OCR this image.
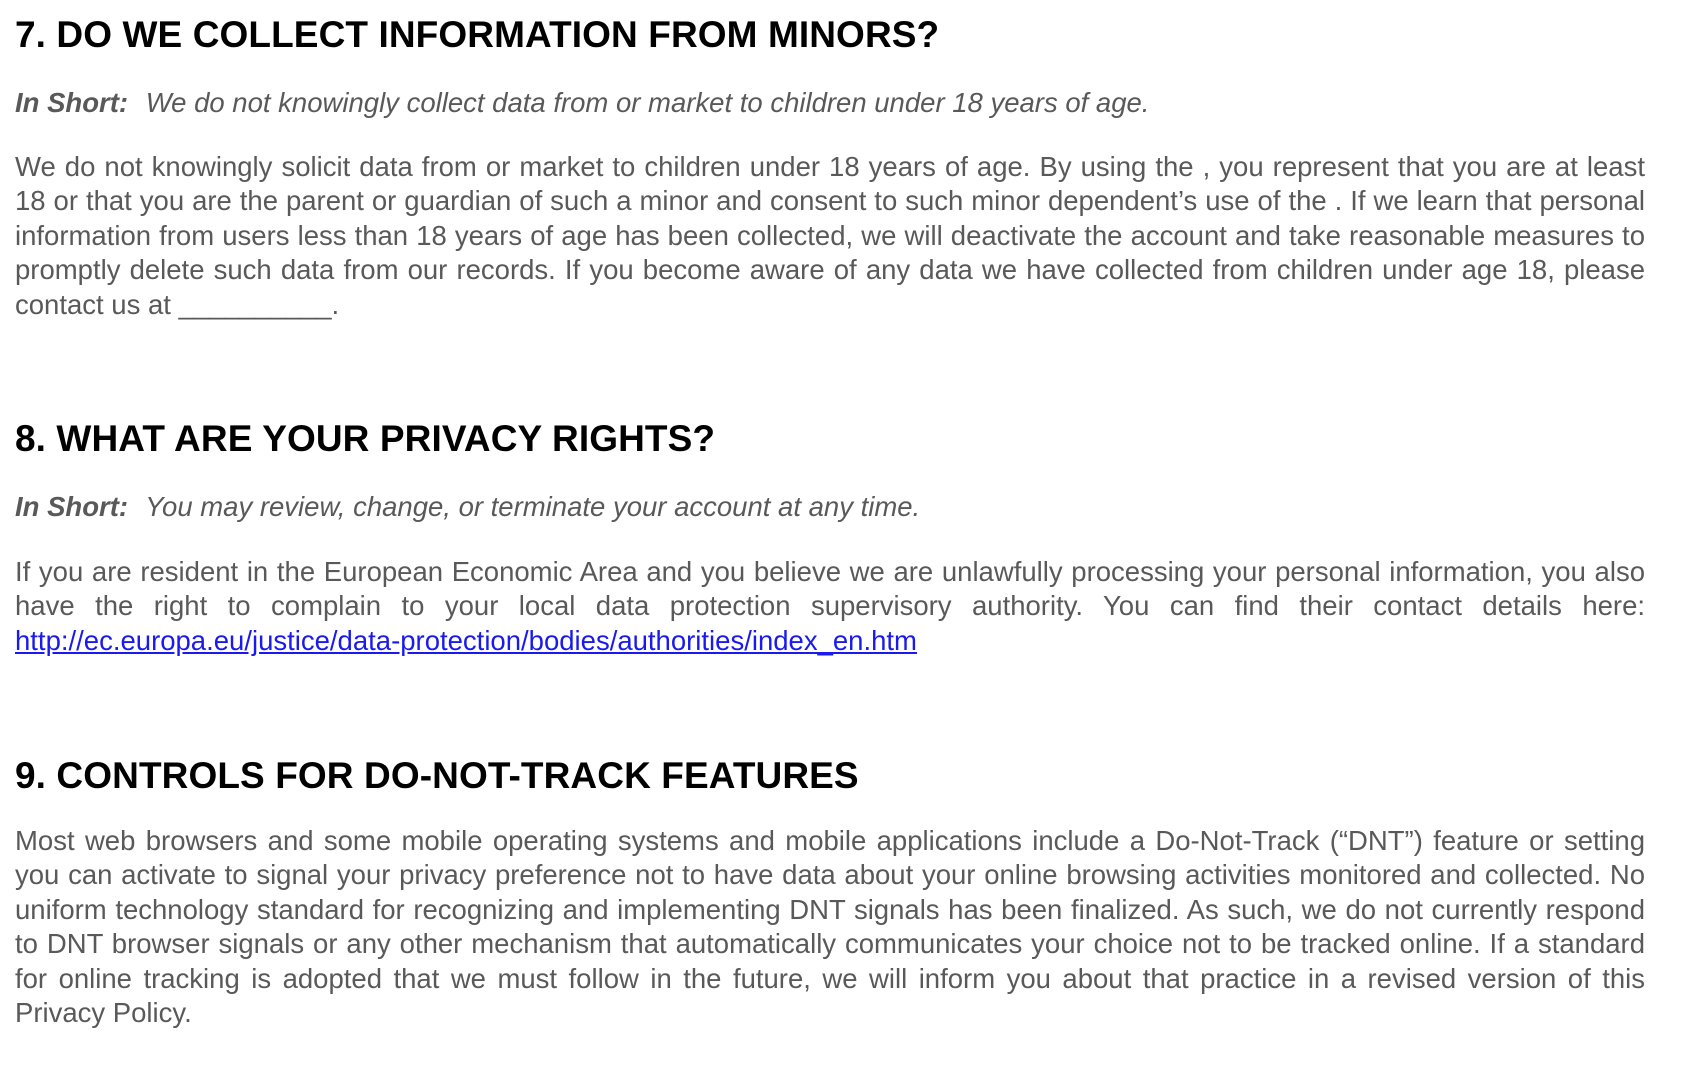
7. DO WE COLLECT INFORMATION FROM MINORS?

In Short: We do not knowingly collect data from or market to children under 18 years of age.

We do not knowingly solicit data from or market to children under 18 years of age. By using the , you represent that you are at least 18 or that you are the parent or guardian of such a minor and consent to such minor dependent’s use of the . If we learn that personal information from users less than 18 years of age has been collected, we will deactivate the account and take reasonable measures to promptly delete such data from our records. If you become aware of any data we have collected from children under age 18, please contact us at __________.

8. WHAT ARE YOUR PRIVACY RIGHTS?

In Short: You may review, change, or terminate your account at any time.

If you are resident in the European Economic Area and you believe we are unlawfully processing your personal information, you also have the right to complain to your local data protection supervisory authority. You can find their contact details here: http://ec.europa.eu/justice/data-protection/bodies/authorities/index_en.htm

9. CONTROLS FOR DO-NOT-TRACK FEATURES

Most web browsers and some mobile operating systems and mobile applications include a Do-Not-Track (“DNT”) feature or setting you can activate to signal your privacy preference not to have data about your online browsing activities monitored and collected. No uniform technology standard for recognizing and implementing DNT signals has been finalized. As such, we do not currently respond to DNT browser signals or any other mechanism that automatically communicates your choice not to be tracked online. If a standard for online tracking is adopted that we must follow in the future, we will inform you about that practice in a revised version of this Privacy Policy.
